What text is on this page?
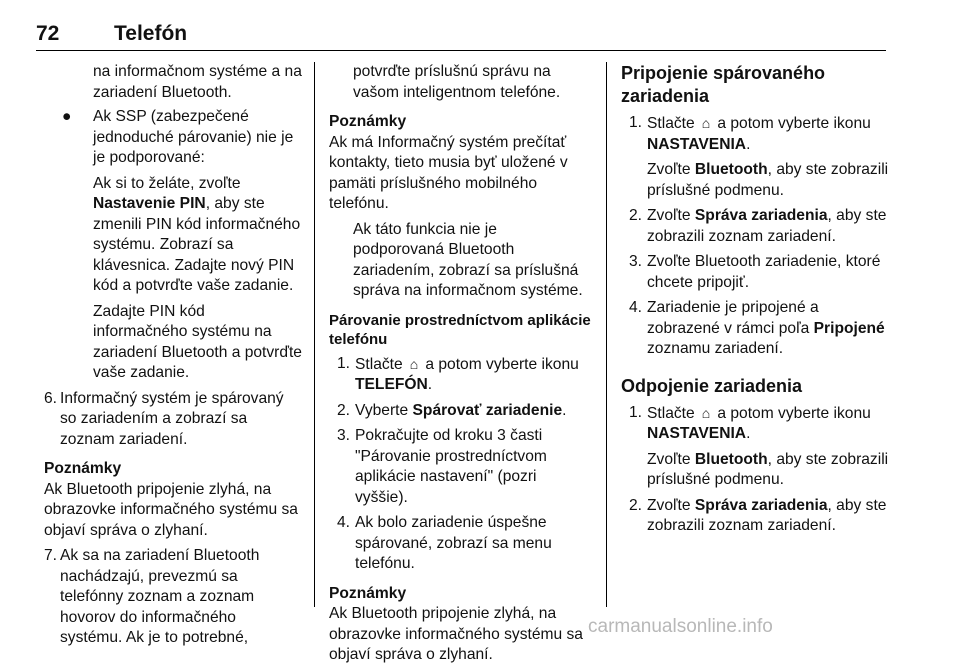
72	Telefón

na informačnom systéme a na zariadení Bluetooth.

● Ak SSP (zabezpečené jednoduché párovanie) nie je je podporované:

Ak si to želáte, zvoľte Nastavenie PIN, aby ste zmenili PIN kód informačného systému. Zobrazí sa klávesnica. Zadajte nový PIN kód a potvrďte vaše zadanie.

Zadajte PIN kód informačného systému na zariadení Bluetooth a potvrďte vaše zadanie.

6. Informačný systém je spárovaný so zariadením a zobrazí sa zoznam zariadení.

Poznámky

Ak Bluetooth pripojenie zlyhá, na obrazovke informačného systému sa objaví správa o zlyhaní.

7. Ak sa na zariadení Bluetooth nachádzajú, prevezmú sa telefónny zoznam a zoznam hovorov do informačného systému. Ak je to potrebné,

potvrďte príslušnú správu na vašom inteligentnom telefóne.

Poznámky

Ak má Informačný systém prečítať kontakty, tieto musia byť uložené v pamäti príslušného mobilného telefónu.

Ak táto funkcia nie je podporovaná Bluetooth zariadením, zobrazí sa príslušná správa na informačnom systéme.

Párovanie prostredníctvom aplikácie telefónu

1. Stlačte ⌂ a potom vyberte ikonu TELEFÓN.

2. Vyberte Spárovať zariadenie.

3. Pokračujte od kroku 3 časti "Párovanie prostredníctvom aplikácie nastavení" (pozri vyššie).

4. Ak bolo zariadenie úspešne spárované, zobrazí sa menu telefónu.

Poznámky

Ak Bluetooth pripojenie zlyhá, na obrazovke informačného systému sa objaví správa o zlyhaní.

Pripojenie spárovaného zariadenia

1. Stlačte ⌂ a potom vyberte ikonu NASTAVENIA.

Zvoľte Bluetooth, aby ste zobrazili príslušné podmenu.

2. Zvoľte Správa zariadenia, aby ste zobrazili zoznam zariadení.

3. Zvoľte Bluetooth zariadenie, ktoré chcete pripojiť.

4. Zariadenie je pripojené a zobrazené v rámci poľa Pripojené zoznamu zariadení.

Odpojenie zariadenia

1. Stlačte ⌂ a potom vyberte ikonu NASTAVENIA.

Zvoľte Bluetooth, aby ste zobrazili príslušné podmenu.

2. Zvoľte Správa zariadenia, aby ste zobrazili zoznam zariadení.

carmanualsonline.info
